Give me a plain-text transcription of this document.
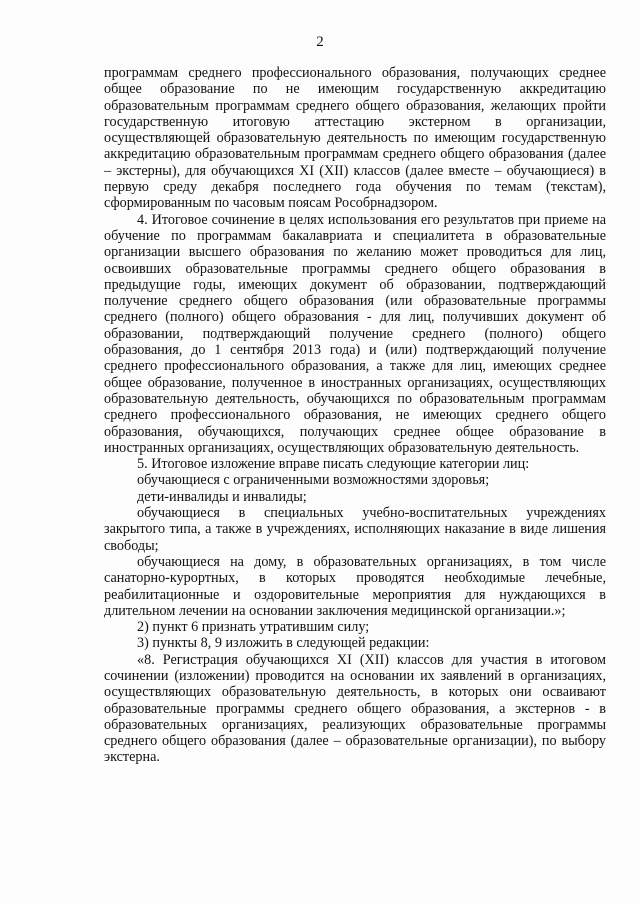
2

программам среднего профессионального образования, получающих среднее общее образование по не имеющим государственную аккредитацию образовательным программам среднего общего образования, желающих пройти государственную итоговую аттестацию экстерном в организации, осуществляющей образовательную деятельность по имеющим государственную аккредитацию образовательным программам среднего общего образования (далее – экстерны), для обучающихся XI (XII) классов (далее вместе – обучающиеся) в первую среду декабря последнего года обучения по темам (текстам), сформированным по часовым поясам Рособрнадзором.

4. Итоговое сочинение в целях использования его результатов при приеме на обучение по программам бакалавриата и специалитета в образовательные организации высшего образования по желанию может проводиться для лиц, освоивших образовательные программы среднего общего образования в предыдущие годы, имеющих документ об образовании, подтверждающий получение среднего общего образования (или образовательные программы среднего (полного) общего образования - для лиц, получивших документ об образовании, подтверждающий получение среднего (полного) общего образования, до 1 сентября 2013 года) и (или) подтверждающий получение среднего профессионального образования, а также для лиц, имеющих среднее общее образование, полученное в иностранных организациях, осуществляющих образовательную деятельность, обучающихся по образовательным программам среднего профессионального образования, не имеющих среднего общего образования, обучающихся, получающих среднее общее образование в иностранных организациях, осуществляющих образовательную деятельность.

5. Итоговое изложение вправе писать следующие категории лиц:

обучающиеся с ограниченными возможностями здоровья;

дети-инвалиды и инвалиды;

обучающиеся в специальных учебно-воспитательных учреждениях закрытого типа, а также в учреждениях, исполняющих наказание в виде лишения свободы;

обучающиеся на дому, в образовательных организациях, в том числе санаторно-курортных, в которых проводятся необходимые лечебные, реабилитационные и оздоровительные мероприятия для нуждающихся в длительном лечении на основании заключения медицинской организации.»;

2) пункт 6 признать утратившим силу;

3) пункты 8, 9 изложить в следующей редакции:

«8. Регистрация обучающихся XI (XII) классов для участия в итоговом сочинении (изложении) проводится на основании их заявлений в организациях, осуществляющих образовательную деятельность, в которых они осваивают образовательные программы среднего общего образования, а экстернов - в образовательных организациях, реализующих образовательные программы среднего общего образования (далее – образовательные организации), по выбору экстерна.
